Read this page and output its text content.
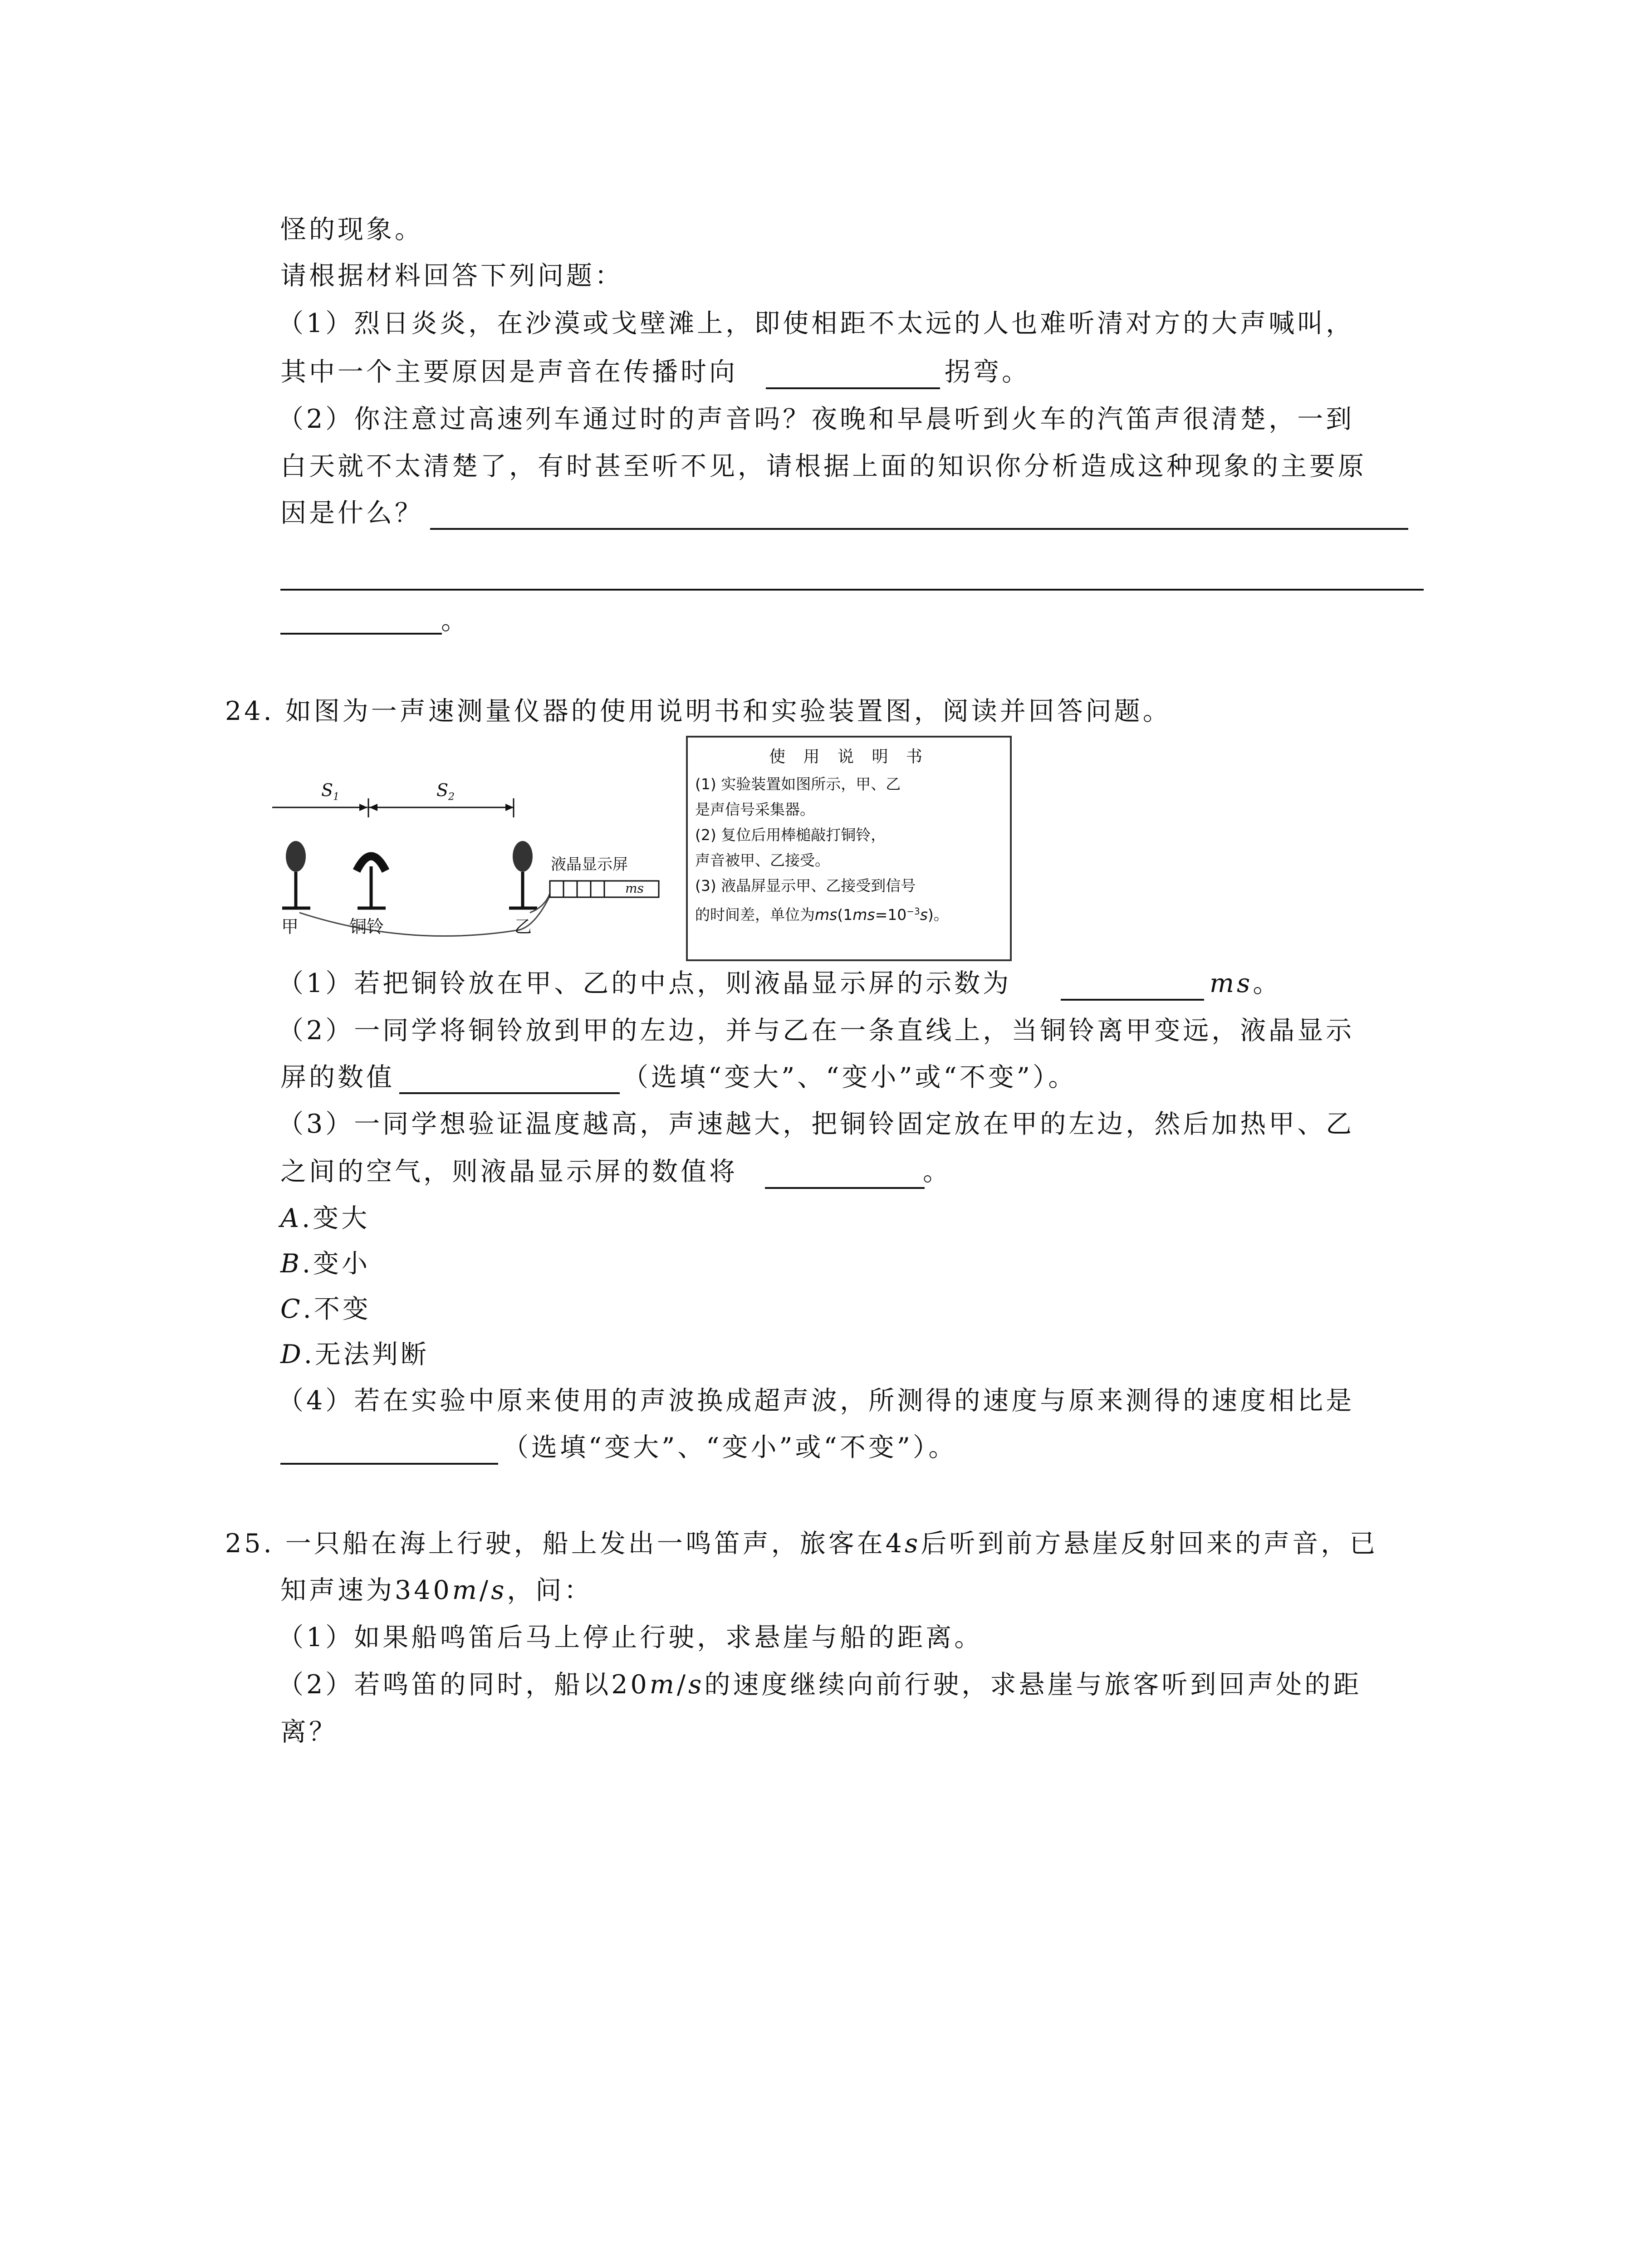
怪的现象。
请根据材料回答下列问题：
（1）烈日炎炎，在沙漠或戈壁滩上，即使相距不太远的人也难听清对方的大声喊叫，
其中一个主要原因是声音在传播时向	拐弯。
（2）你注意过高速列车通过时的声音吗？夜晚和早晨听到火车的汽笛声很清楚，一到
白天就不太清楚了，有时甚至听不见，请根据上面的知识你分析造成这种现象的主要原
因是什么？
。
24. 如图为一声速测量仪器的使用说明书和实验装置图，阅读并回答问题。
$S_1$	$S_2$
液晶显示屏
ms
甲	铜铃	乙
使 用 说 明 书
(1) 实验装置如图所示，甲、乙
是声信号采集器。
(2) 复位后用棒槌敲打铜铃，
声音被甲、乙接受。
(3) 液晶屏显示甲、乙接受到信号
的时间差，单位为$ms(1ms=10^{-3}s)$。
（1）若把铜铃放在甲、乙的中点，则液晶显示屏的示数为	ms。
（2）一同学将铜铃放到甲的左边，并与乙在一条直线上，当铜铃离甲变远，液晶显示
屏的数值	（选填“变大”、“变小”或“不变”）。
（3）一同学想验证温度越高，声速越大，把铜铃固定放在甲的左边，然后加热甲、乙
之间的空气，则液晶显示屏的数值将	。
A.变大
B.变小
C.不变
D.无法判断
（4）若在实验中原来使用的声波换成超声波，所测得的速度与原来测得的速度相比是
（选填“变大”、“变小”或“不变”）。
25. 一只船在海上行驶，船上发出一鸣笛声，旅客在4s后听到前方悬崖反射回来的声音，已
知声速为340m/s，问：
（1）如果船鸣笛后马上停止行驶，求悬崖与船的距离。
（2）若鸣笛的同时，船以20m/s的速度继续向前行驶，求悬崖与旅客听到回声处的距
离？
